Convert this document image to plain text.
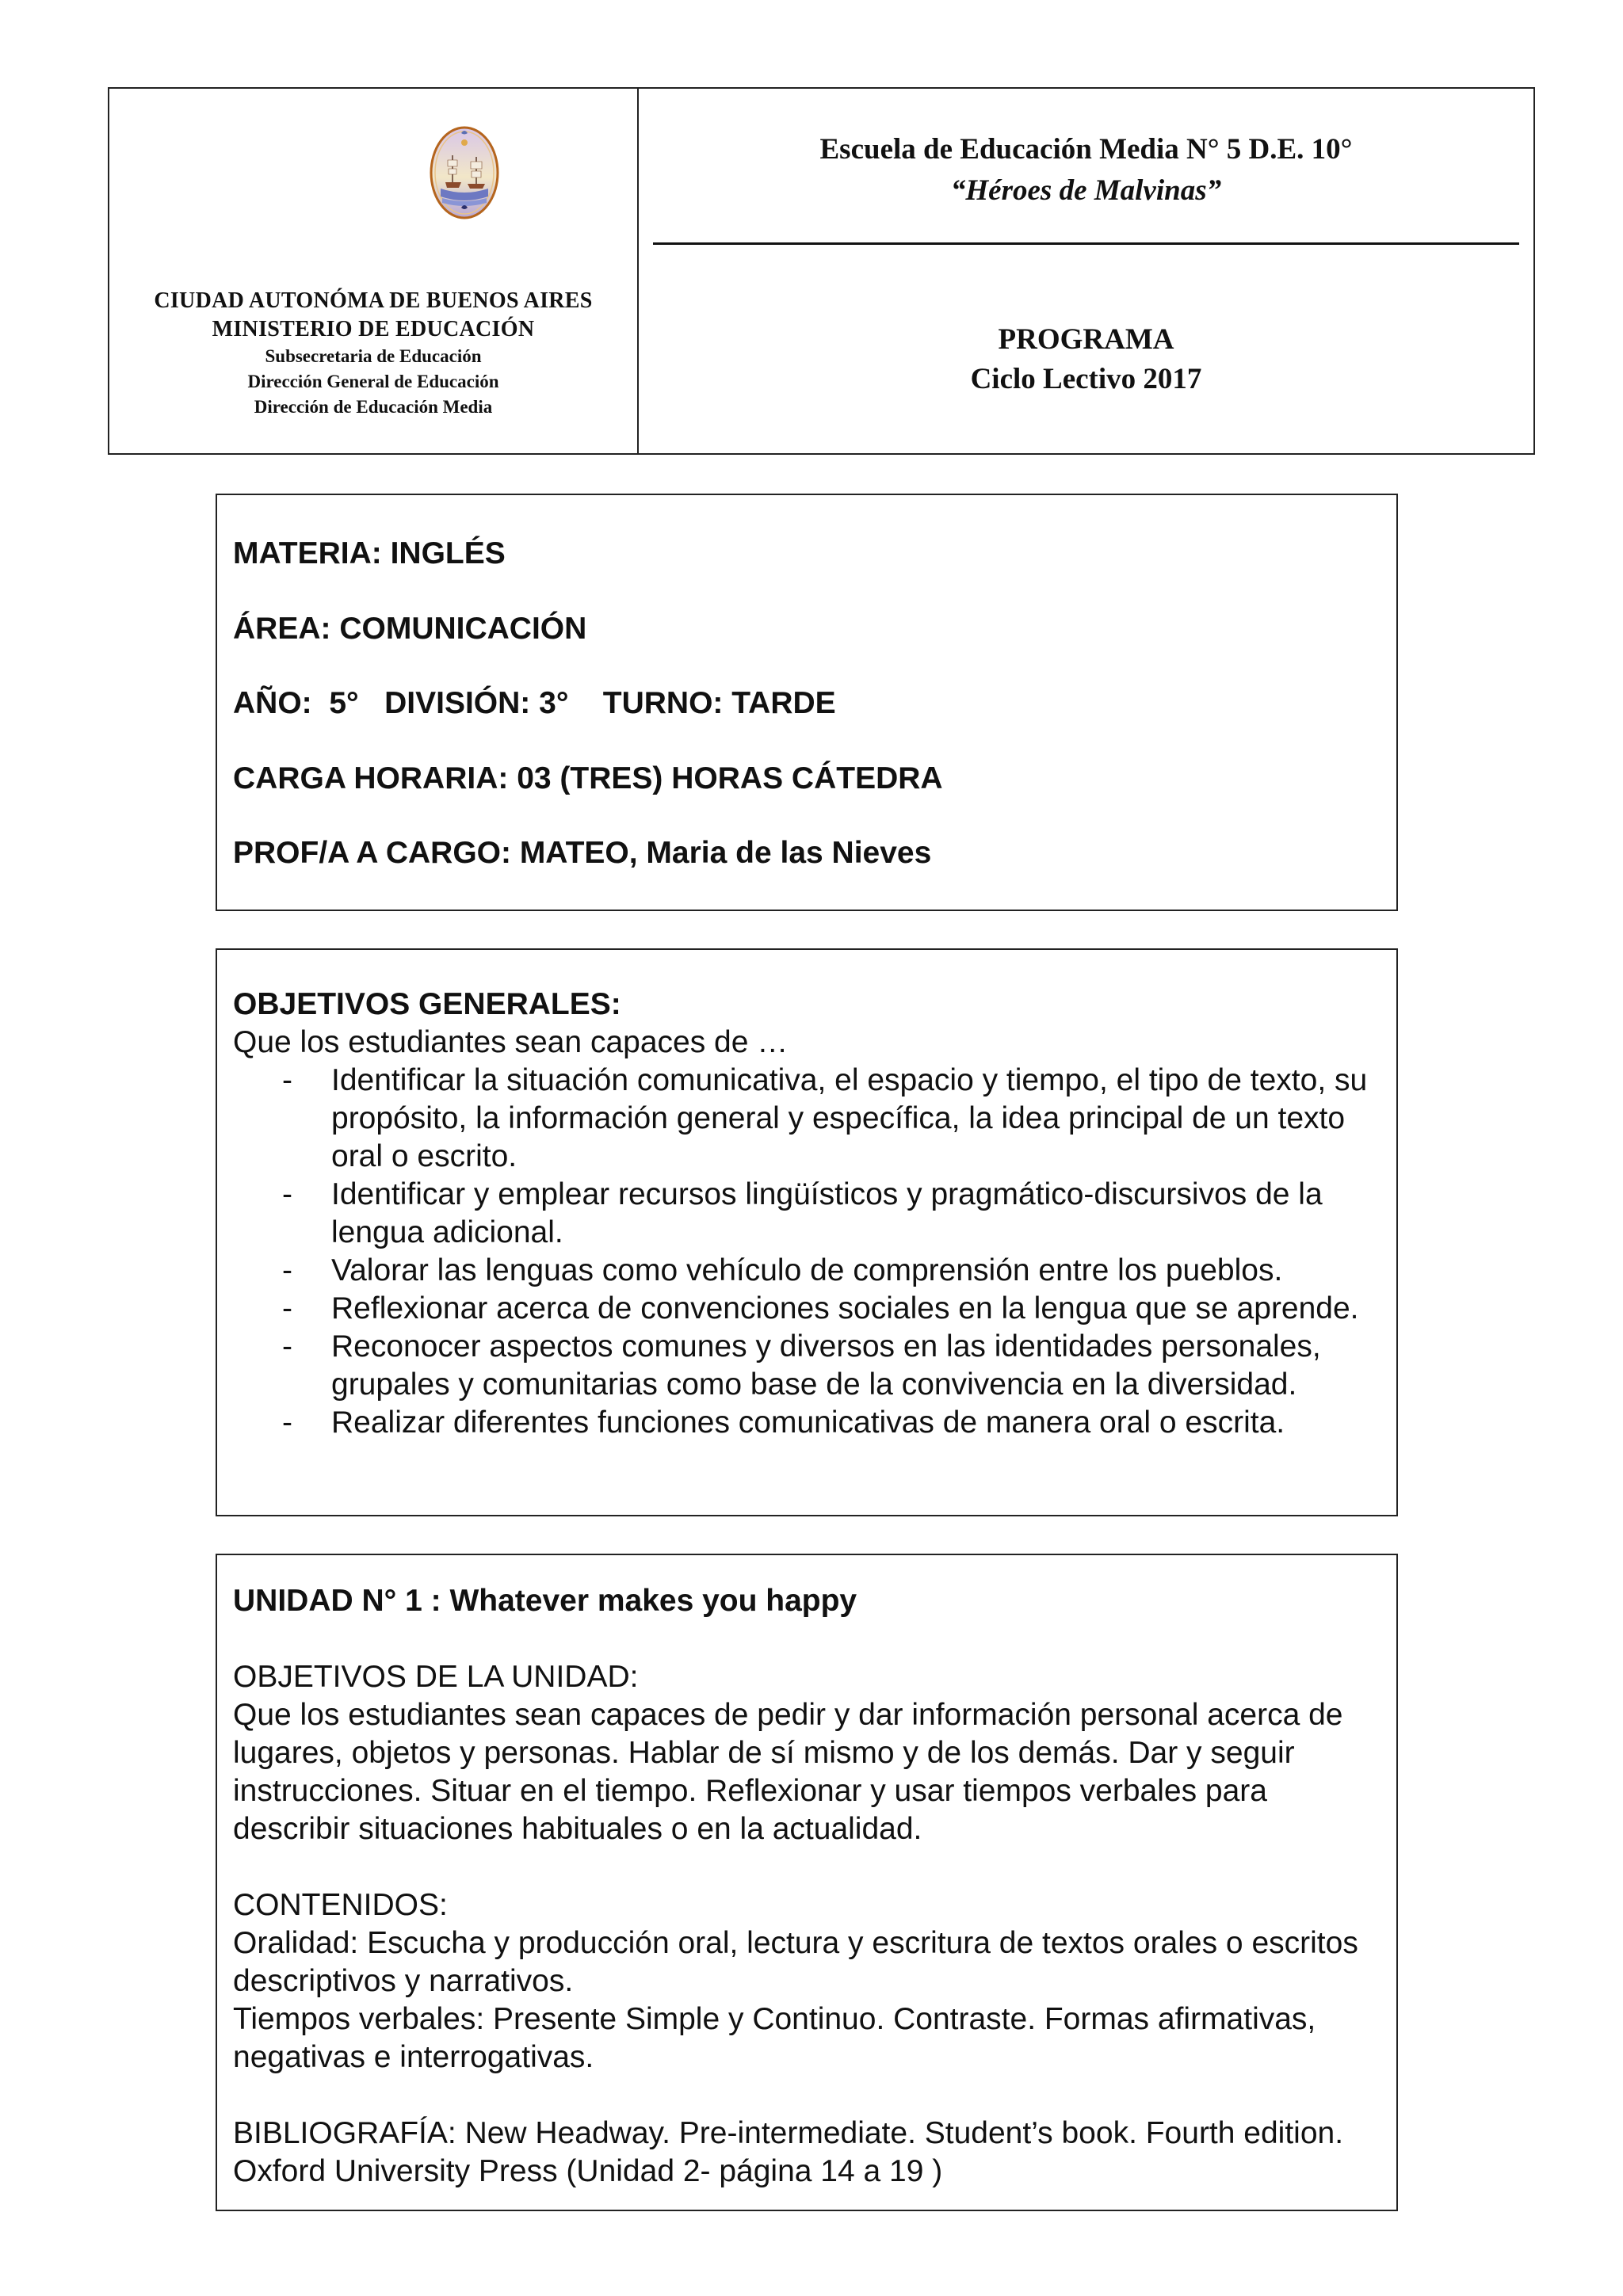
CIUDAD AUTONÓMA DE BUENOS AIRES
MINISTERIO DE EDUCACIÓN
Subsecretaria de Educación
Dirección General de Educación
Dirección de Educación Media
Escuela de Educación Media N° 5 D.E. 10°
“Héroes de Malvinas”
PROGRAMA
Ciclo Lectivo 2017
MATERIA: INGLÉS
ÁREA: COMUNICACIÓN
AÑO:  5°   DIVISIÓN: 3°    TURNO: TARDE
CARGA HORARIA: 03 (TRES) HORAS CÁTEDRA
PROF/A A CARGO: MATEO, Maria de las Nieves
OBJETIVOS GENERALES:
Que los estudiantes sean capaces de …
- Identificar la situación comunicativa, el espacio y tiempo, el tipo de texto, su propósito, la información general y específica, la idea principal de un texto oral o escrito.
- Identificar y emplear recursos lingüísticos y pragmático-discursivos de la lengua adicional.
- Valorar las lenguas como vehículo de comprensión entre los pueblos.
- Reflexionar acerca de convenciones sociales en la lengua que se aprende.
- Reconocer aspectos comunes y diversos en las identidades personales, grupales y comunitarias como base de la convivencia en la diversidad.
- Realizar diferentes funciones comunicativas de manera oral o escrita.
UNIDAD N° 1 : Whatever makes you happy

OBJETIVOS DE LA UNIDAD:

Que los estudiantes sean capaces de pedir y dar información personal acerca de lugares, objetos y personas. Hablar de sí mismo y de los demás. Dar y seguir instrucciones. Situar en el tiempo. Reflexionar y usar tiempos verbales para describir situaciones habituales o en la actualidad.

CONTENIDOS:

Oralidad: Escucha y producción oral, lectura y escritura de textos orales o escritos descriptivos y narrativos.

Tiempos verbales: Presente Simple y Continuo. Contraste. Formas afirmativas, negativas e interrogativas.

BIBLIOGRAFÍA: New Headway. Pre-intermediate. Student’s book. Fourth edition. Oxford University Press (Unidad 2- página 14 a 19 )
